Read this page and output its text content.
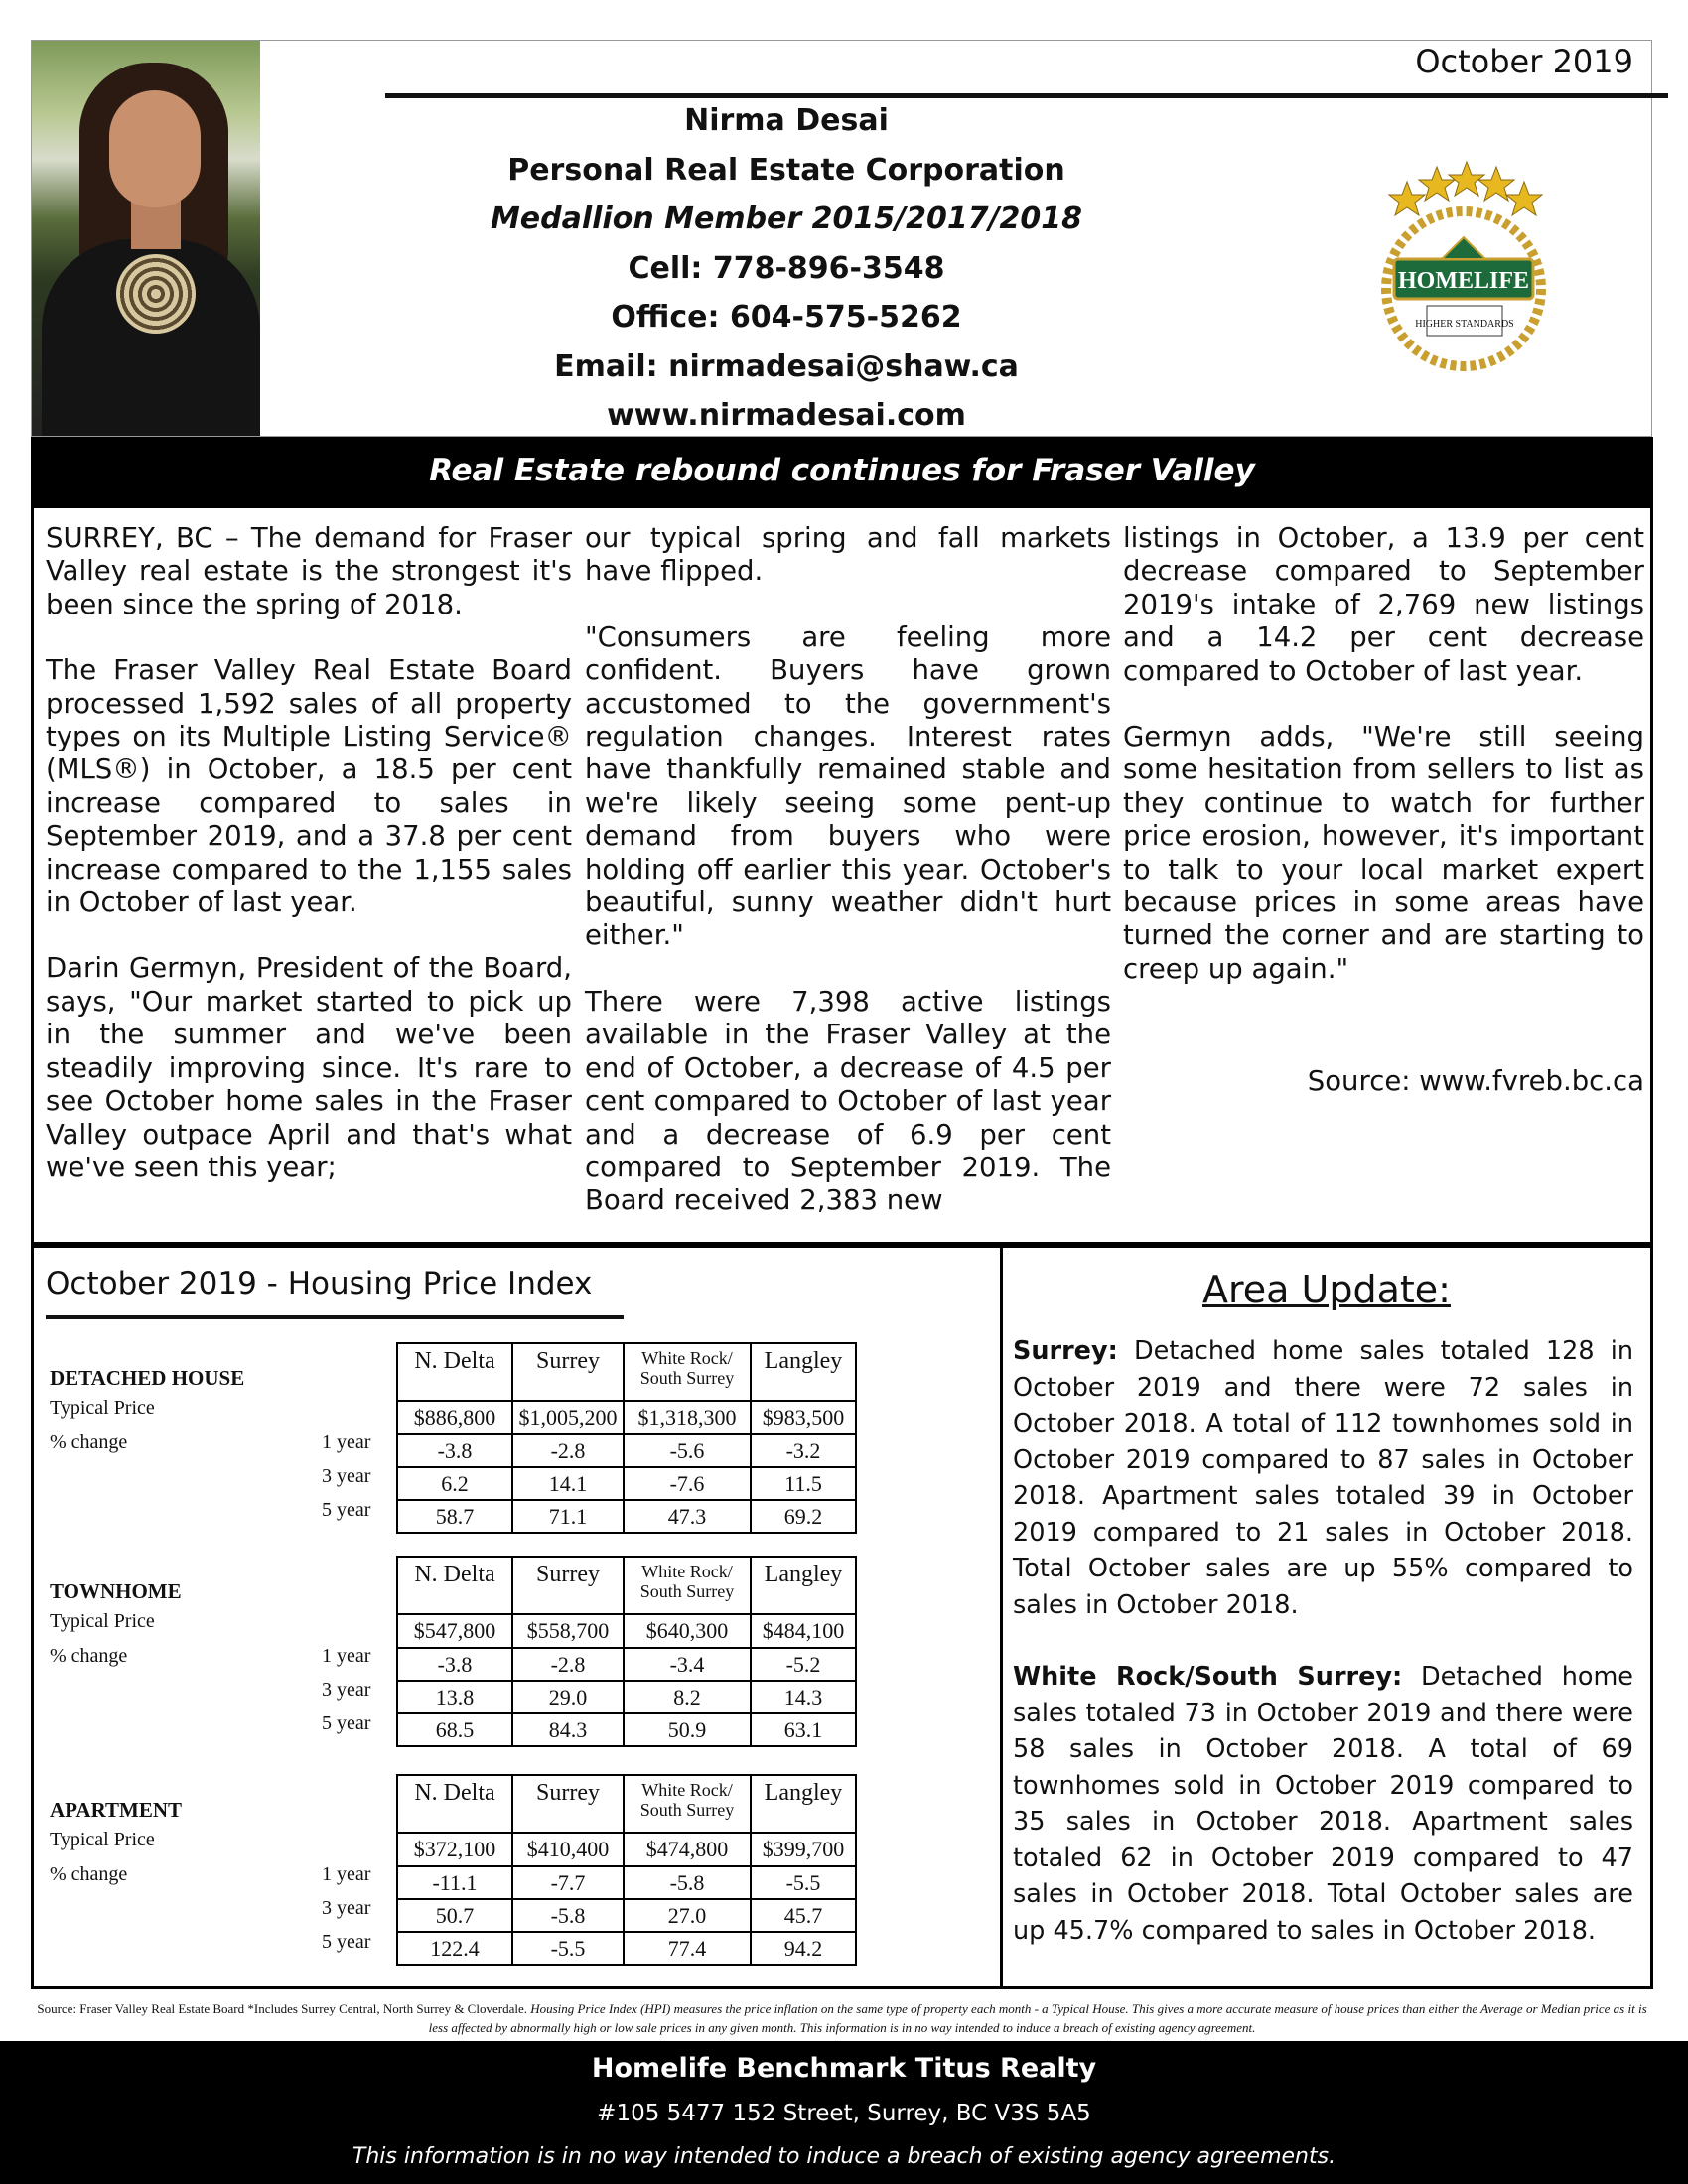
October 2019
Nirma Desai
Personal Real Estate Corporation
Medallion Member 2015/2017/2018
Cell: 778-896-3548
Office: 604-575-5262
Email: nirmadesai@shaw.ca
www.nirmadesai.com
HOMELIFE
HIGHER STANDARDS
Real Estate rebound continues for Fraser Valley

SURREY, BC – The demand for Fraser Valley real estate is the strongest it's been since the spring of 2018.

The Fraser Valley Real Estate Board processed 1,592 sales of all property types on its Multiple Listing Service® (MLS®) in October, a 18.5 per cent increase compared to sales in September 2019, and a 37.8 per cent increase compared to the 1,155 sales in October of last year.

Darin Germyn, President of the Board, says, "Our market started to pick up in the summer and we've been steadily improving since. It's rare to see October home sales in the Fraser Valley outpace April and that's what we've seen this year;

our typical spring and fall markets have flipped.

"Consumers are feeling more confident. Buyers have grown accustomed to the government's regulation changes. Interest rates have thankfully remained stable and we're likely seeing some pent-up demand from buyers who were holding off earlier this year. October's beautiful, sunny weather didn't hurt either."

There were 7,398 active listings available in the Fraser Valley at the end of October, a decrease of 4.5 per cent compared to October of last year and a decrease of 6.9 per cent compared to September 2019. The Board received 2,383 new

listings in October, a 13.9 per cent decrease compared to September 2019's intake of 2,769 new listings and a 14.2 per cent decrease compared to October of last year.

Germyn adds, "We're still seeing some hesitation from sellers to list as they continue to watch for further price erosion, however, it's important to talk to your local market expert because prices in some areas have turned the corner and are starting to creep up again."

Source: www.fvreb.bc.ca
October 2019 - Housing Price Index
DETACHED HOUSE
Typical Price
% change	1 year
3 year
5 year
N. Delta	Surrey	White Rock/ South Surrey	Langley
$886,800	$1,005,200	$1,318,300	$983,500
-3.8	-2.8	-5.6	-3.2
6.2	14.1	-7.6	11.5
58.7	71.1	47.3	69.2
TOWNHOME
Typical Price
% change	1 year
3 year
5 year
N. Delta	Surrey	White Rock/ South Surrey	Langley
$547,800	$558,700	$640,300	$484,100
-3.8	-2.8	-3.4	-5.2
13.8	29.0	8.2	14.3
68.5	84.3	50.9	63.1
APARTMENT
Typical Price
% change	1 year
3 year
5 year
N. Delta	Surrey	White Rock/ South Surrey	Langley
$372,100	$410,400	$474,800	$399,700
-11.1	-7.7	-5.8	-5.5
50.7	-5.8	27.0	45.7
122.4	-5.5	77.4	94.2
Area Update:

Surrey: Detached home sales totaled 128 in October 2019 and there were 72 sales in October 2018. A total of 112 townhomes sold in October 2019 compared to 87 sales in October 2018. Apartment sales totaled 39 in October 2019 compared to 21 sales in October 2018. Total October sales are up 55% compared to sales in October 2018.

White Rock/South Surrey: Detached home sales totaled 73 in October 2019 and there were 58 sales in October 2018. A total of 69 townhomes sold in October 2019 compared to 35 sales in October 2018. Apartment sales totaled 62 in October 2019 compared to 47 sales in October 2018. Total October sales are up 45.7% compared to sales in October 2018.

Source: Fraser Valley Real Estate Board *Includes Surrey Central, North Surrey & Cloverdale. Housing Price Index (HPI) measures the price inflation on the same type of property each month - a Typical House. This gives a more accurate measure of house prices than either the Average or Median price as it is less affected by abnormally high or low sale prices in any given month. This information is in no way intended to induce a breach of existing agency agreement.
Homelife Benchmark Titus Realty
#105 5477 152 Street, Surrey, BC V3S 5A5
This information is in no way intended to induce a breach of existing agency agreements.
